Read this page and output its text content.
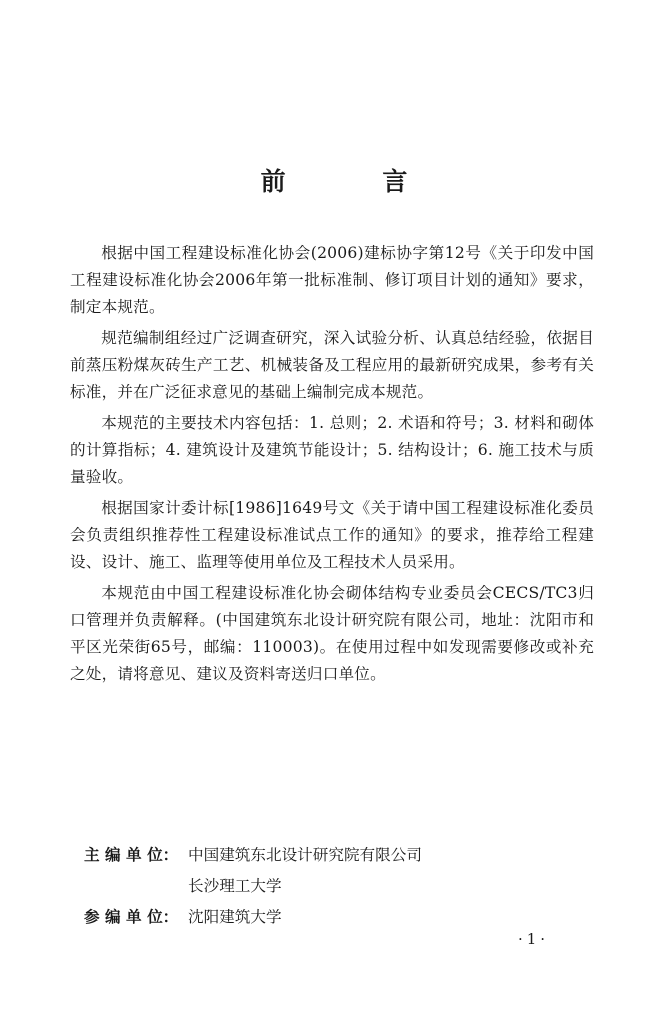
前 言

根据中国工程建设标准化协会(2006)建标协字第12号《关于印发中国工程建设标准化协会2006年第一批标准制、修订项目计划的通知》要求，制定本规范。

规范编制组经过广泛调查研究，深入试验分析、认真总结经验，依据目前蒸压粉煤灰砖生产工艺、机械装备及工程应用的最新研究成果，参考有关标准，并在广泛征求意见的基础上编制完成本规范。

本规范的主要技术内容包括：1. 总则；2. 术语和符号；3. 材料和砌体的计算指标；4. 建筑设计及建筑节能设计；5. 结构设计；6. 施工技术与质量验收。

根据国家计委计标[1986]1649号文《关于请中国工程建设标准化委员会负责组织推荐性工程建设标准试点工作的通知》的要求，推荐给工程建设、设计、施工、监理等使用单位及工程技术人员采用。

本规范由中国工程建设标准化协会砌体结构专业委员会CECS/TC3归口管理并负责解释。(中国建筑东北设计研究院有限公司，地址：沈阳市和平区光荣街65号，邮编：110003)。在使用过程中如发现需要修改或补充之处，请将意见、建议及资料寄送归口单位。

主 编 单 位： 中国建筑东北设计研究院有限公司
长沙理工大学
参 编 单 位： 沈阳建筑大学
·1·
